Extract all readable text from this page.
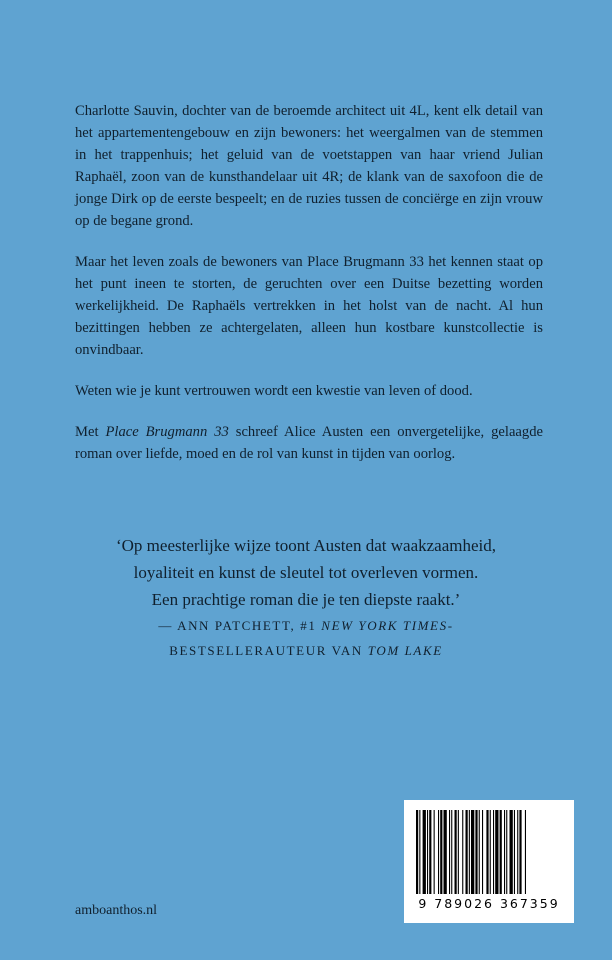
Charlotte Sauvin, dochter van de beroemde architect uit 4L, kent elk detail van het appartementengebouw en zijn bewoners: het weergalmen van de stemmen in het trappenhuis; het geluid van de voetstappen van haar vriend Julian Raphaël, zoon van de kunsthandelaar uit 4R; de klank van de saxofoon die de jonge Dirk op de eerste bespeelt; en de ruzies tussen de conciërge en zijn vrouw op de begane grond.

Maar het leven zoals de bewoners van Place Brugmann 33 het kennen staat op het punt ineen te storten, de geruchten over een Duitse bezetting worden werkelijkheid. De Raphaëls vertrekken in het holst van de nacht. Al hun bezittingen hebben ze achtergelaten, alleen hun kostbare kunstcollectie is onvindbaar.

Weten wie je kunt vertrouwen wordt een kwestie van leven of dood.

Met Place Brugmann 33 schreef Alice Austen een onvergetelijke, gelaagde roman over liefde, moed en de rol van kunst in tijden van oorlog.

‘Op meesterlijke wijze toont Austen dat waakzaamheid,
loyaliteit en kunst de sleutel tot overleven vormen.
Een prachtige roman die je ten diepste raakt.’
— ANN PATCHETT, #1 NEW YORK TIMES-
BESTSELLERAUTEUR VAN TOM LAKE
9 789026 367359
amboanthos.nl
